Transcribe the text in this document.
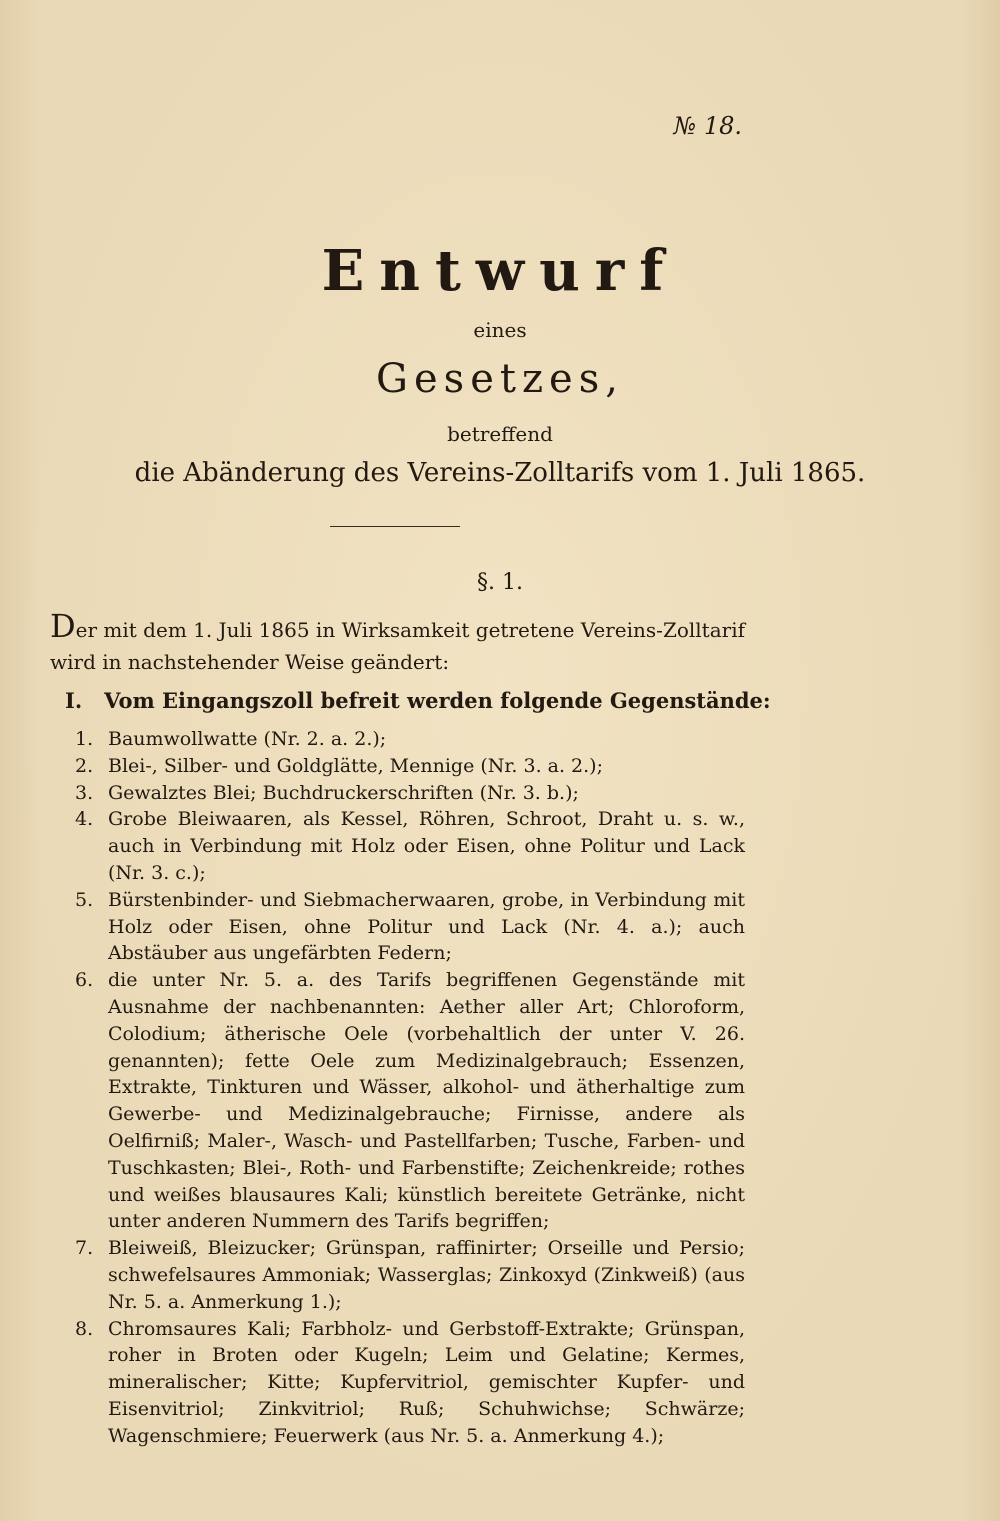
№ 18.
Entwurf
eines
Gesetzes,
betreffend
die Abänderung des Vereins-Zolltarifs vom 1. Juli 1865.
§. 1.
Der mit dem 1. Juli 1865 in Wirksamkeit getretene Vereins-Zolltarif wird in nachstehender Weise geändert:
I. Vom Eingangszoll befreit werden folgende Gegenstände:
1. Baumwollwatte (Nr. 2. a. 2.);
2. Blei-, Silber- und Goldglätte, Mennige (Nr. 3. a. 2.);
3. Gewalztes Blei; Buchdruckerschriften (Nr. 3. b.);
4. Grobe Bleiwaaren, als Kessel, Röhren, Schroot, Draht u. s. w., auch in Verbindung mit Holz oder Eisen, ohne Politur und Lack (Nr. 3. c.);
5. Bürstenbinder- und Siebmacherwaaren, grobe, in Verbindung mit Holz oder Eisen, ohne Politur und Lack (Nr. 4. a.); auch Abstäuber aus ungefärbten Federn;
6. die unter Nr. 5. a. des Tarifs begriffenen Gegenstände mit Ausnahme der nachbenannten: Aether aller Art; Chloroform, Colodium; ätherische Oele (vorbehaltlich der unter V. 26. genannten); fette Oele zum Medizinalgebrauch; Essenzen, Extrakte, Tinkturen und Wässer, alkohol- und ätherhaltige zum Gewerbe- und Medizinalgebrauche; Firnisse, andere als Oelfirniß; Maler-, Wasch- und Pastellfarben; Tusche, Farben- und Tuschkasten; Blei-, Roth- und Farbenstifte; Zeichenkreide; rothes und weißes blausaures Kali; künstlich bereitete Getränke, nicht unter anderen Nummern des Tarifs begriffen;
7. Bleiweiß, Bleizucker; Grünspan, raffinirter; Orseille und Persio; schwefelsaures Ammoniak; Wasserglas; Zinkoxyd (Zinkweiß) (aus Nr. 5. a. Anmerkung 1.);
8. Chromsaures Kali; Farbholz- und Gerbstoff-Extrakte; Grünspan, roher in Broten oder Kugeln; Leim und Gelatine; Kermes, mineralischer; Kitte; Kupfervitriol, gemischter Kupfer- und Eisenvitriol; Zinkvitriol; Ruß; Schuhwichse; Schwärze; Wagenschmiere; Feuerwerk (aus Nr. 5. a. Anmerkung 4.);
